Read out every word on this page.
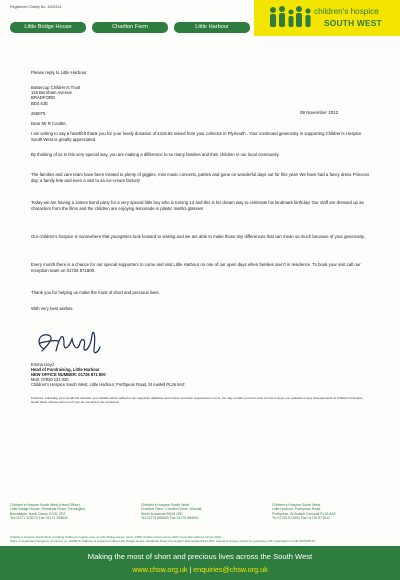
Registered Charity No. 1003314
Little Bridge House	Charlton Farm	Little Harbour
children's hospice
SOUTH WEST
Please reply to Little Harbour
Buttercup Children's Trust
119 Burnham Avenue
BRADFORD
BD4 6JE
265075	09 November 2012
Dear Mr R Coulter,
I am writing to say a heartfelt thank you for your lovely donation of £118.82 raised from your collector in Plymouth . Your continued generosity in supporting Children's Hospice South West is greatly appreciated.
By thinking of us in this very special way, you are making a difference to so many families and their children in our local community.
The families and care team have been treated to plenty of giggles, mini music concerts, parties and gone on wonderful days out for this year! We have had a fancy dress Princess day, a family fete and even a visit to an ice-cream factory!
Today we are having a James Bond party for a very special little boy who is turning 13 and this is his dream way to celebrate his landmark birthday! Our staff are dressed up as characters from the films and the children are enjoying lemonade in plastic martini glasses!
Our children's hospice is somewhere that youngsters look forward to visiting and we are able to make those tiny differences that can mean so much because of your generosity.
Every month there is a chance for our special supporters to come and visit Little Harbour on one of our open days when families aren't in residence. To book your visit call our reception team on 01726 871800.
Thank you for helping us make the most of short and precious lives.
With very best wishes
Emma Lloyd
Head of Fundraising, Little Harbour
NEW OFFICE NUMBER: 01726 871 800
Mob: 07920 131 030
Children's Hospice South West, Little Harbour, Porthpean Road, St Austell PL26 6AZ
Footnote: Following your wonderful donation your details will be added to our supporter database and unless you have requested us not to, we may contact you from time to time to keep you updated on any developments at Children's Hospice South West. Please inform us if you do not wish to be contacted.
Children's Hospice South West (Head Office)
Little Bridge House, Redlands Road, Fremington,
Barnstaple, North Devon EX31 2PZ.
Tel 01271 325270 Fax 01271 328640
Children's Hospice South West
Charlton Farm, Charlton Drive, Wraxall,
North Somerset BS48 1PE.
Tel 01275 866600 Fax 01275 866601
Children's Hospice South West
Little Harbour, Porthpean Road,
Porthpean, St Austell Cornwall PL26 6AZ.
Tel 01726 871800 Fax 01726 871812
Children's Hospice South West providing children's hospice care at Little Bridge House (since 1995) Charlton Farm (since 2007) and Little Harbour (since 2011)
Place of registration England. Company no. 2628879. Address of registered office Little Bridge House, Redlands Road, Fremington, Barnstaple EX31 2PZ. Annual Company limited by guarantee VAT registration no GB 795 5055 07
Making the most of short and precious lives across the South West
www.chsw.org.uk | enquiries@chsw.org.uk
